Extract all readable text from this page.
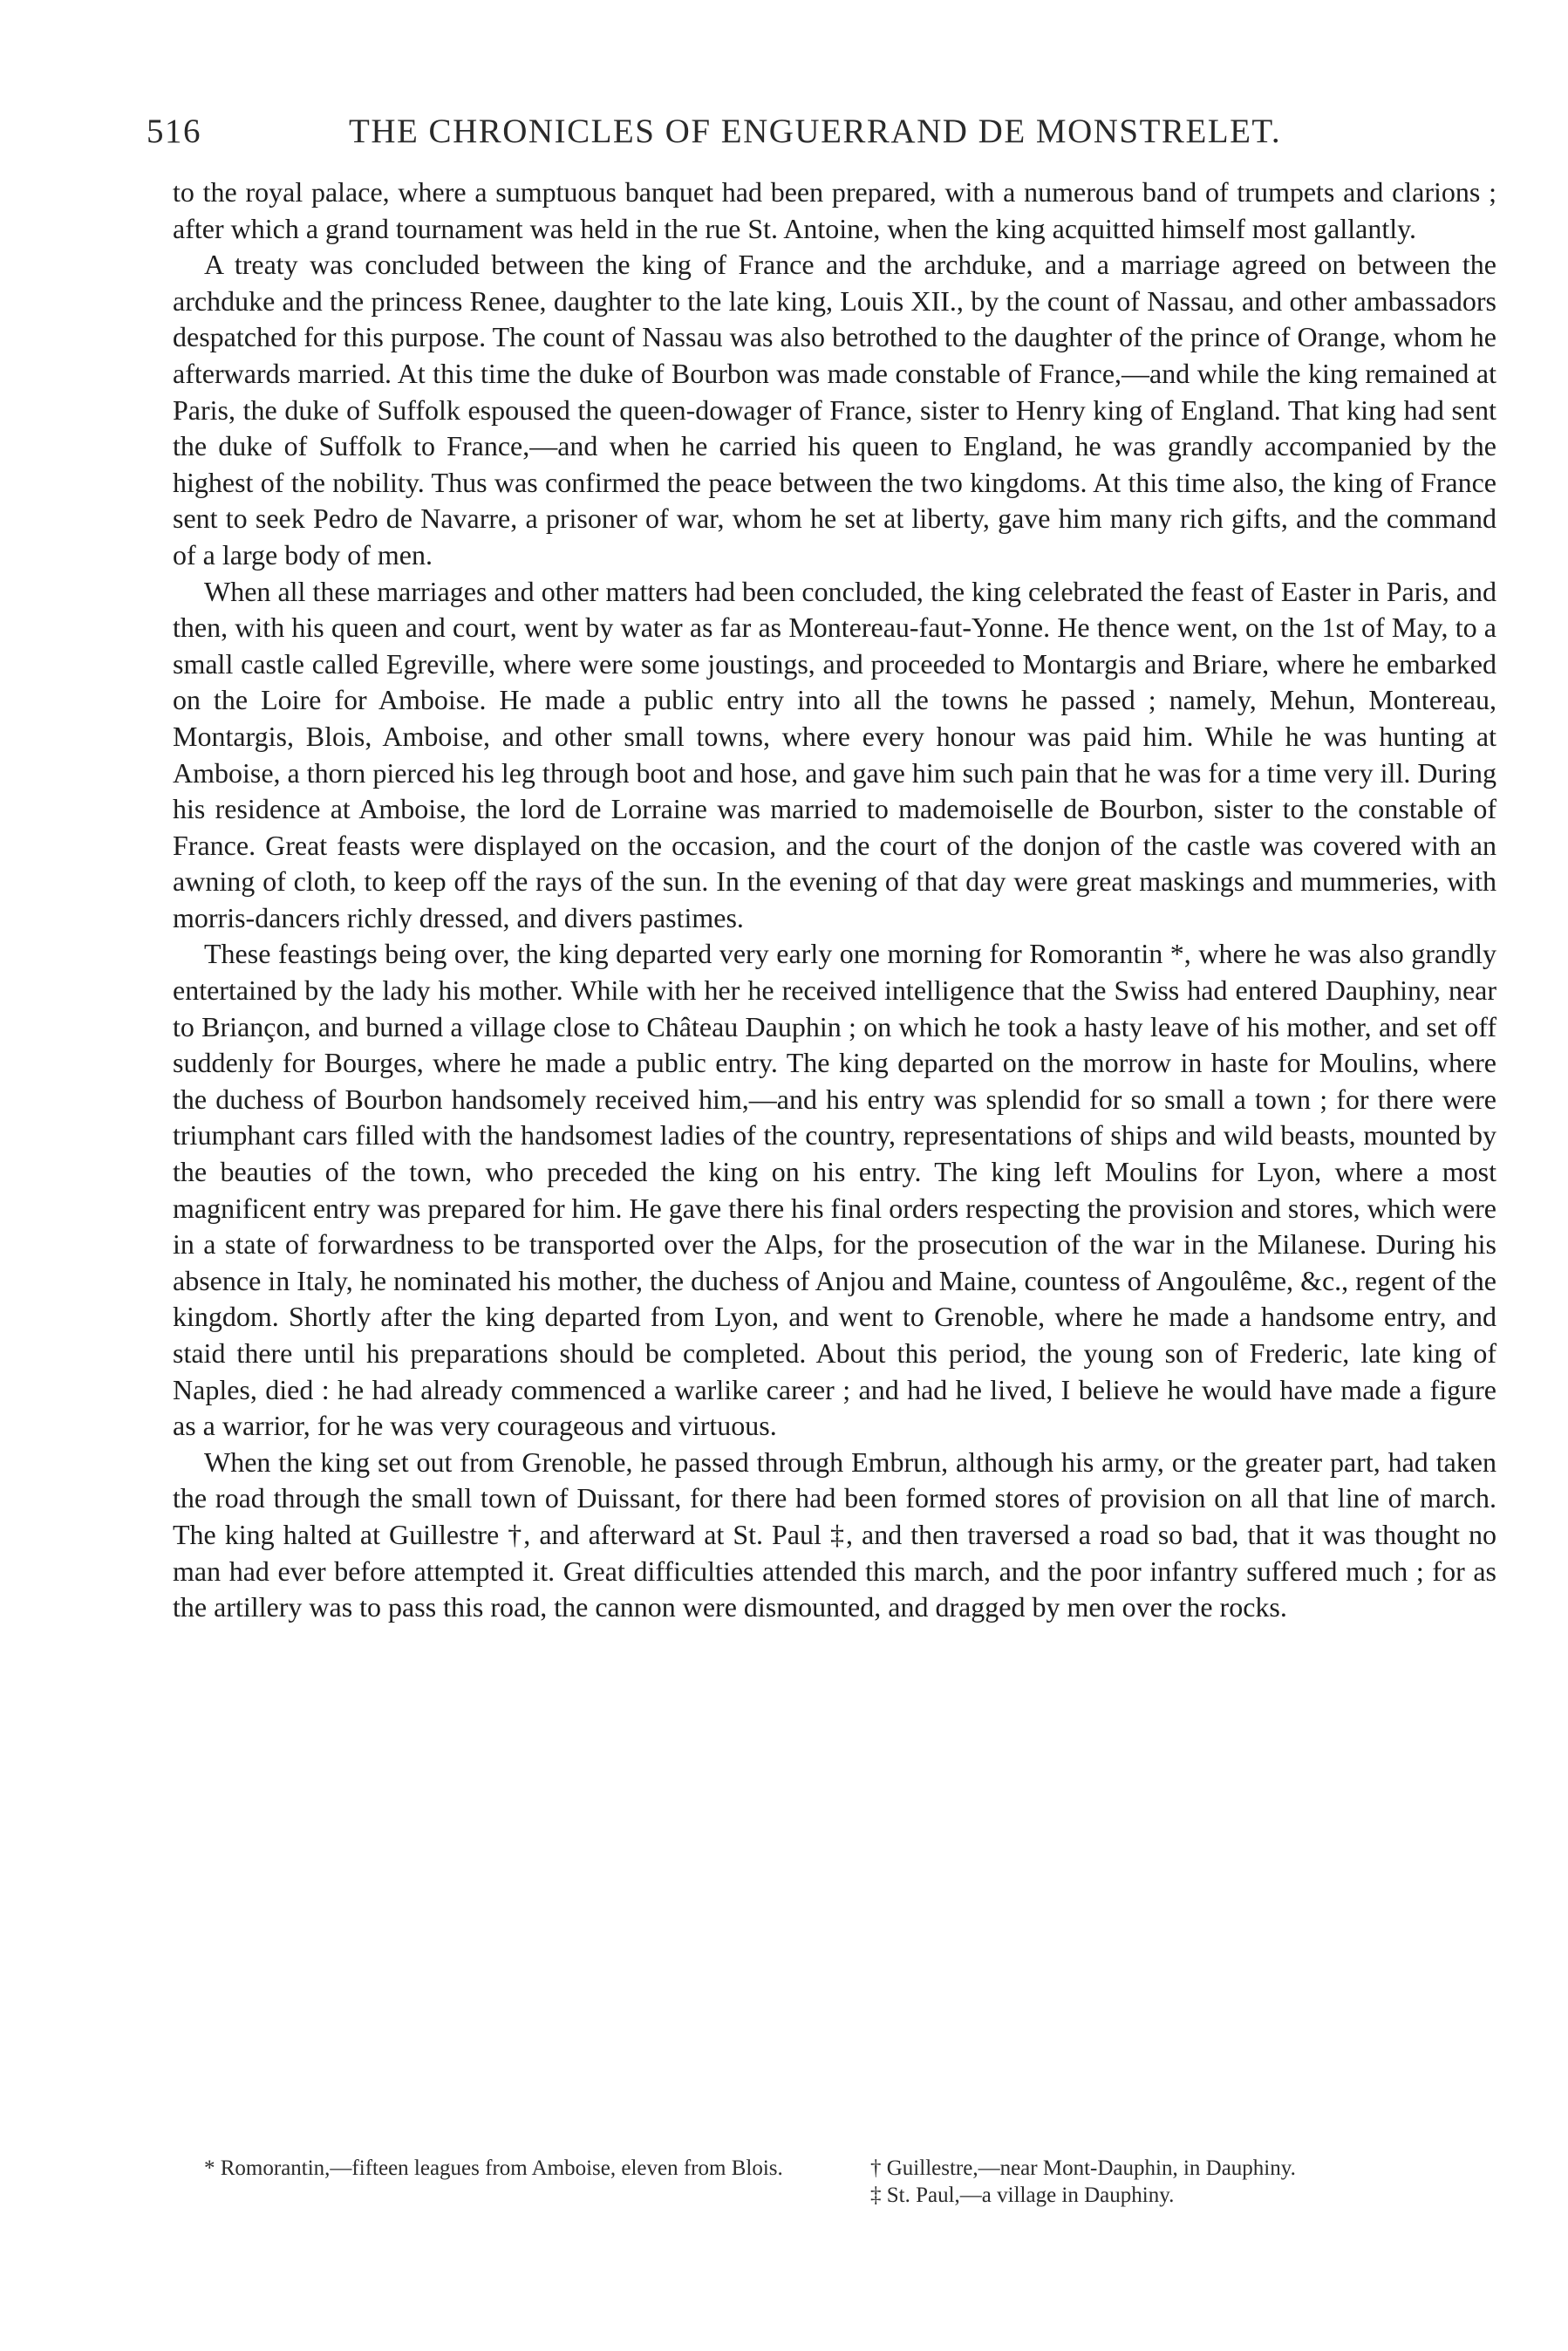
516	THE CHRONICLES OF ENGUERRAND DE MONSTRELET.

to the royal palace, where a sumptuous banquet had been prepared, with a numerous band of trumpets and clarions ; after which a grand tournament was held in the rue St. Antoine, when the king acquitted himself most gallantly.

A treaty was concluded between the king of France and the archduke, and a marriage agreed on between the archduke and the princess Renee, daughter to the late king, Louis XII., by the count of Nassau, and other ambassadors despatched for this purpose. The count of Nassau was also betrothed to the daughter of the prince of Orange, whom he afterwards married. At this time the duke of Bourbon was made constable of France,—and while the king remained at Paris, the duke of Suffolk espoused the queen-dowager of France, sister to Henry king of England. That king had sent the duke of Suffolk to France,—and when he carried his queen to England, he was grandly accompanied by the highest of the nobility. Thus was confirmed the peace between the two kingdoms. At this time also, the king of France sent to seek Pedro de Navarre, a prisoner of war, whom he set at liberty, gave him many rich gifts, and the command of a large body of men.

When all these marriages and other matters had been concluded, the king celebrated the feast of Easter in Paris, and then, with his queen and court, went by water as far as Montereau-faut-Yonne. He thence went, on the 1st of May, to a small castle called Egreville, where were some joustings, and proceeded to Montargis and Briare, where he embarked on the Loire for Amboise. He made a public entry into all the towns he passed ; namely, Mehun, Montereau, Montargis, Blois, Amboise, and other small towns, where every honour was paid him. While he was hunting at Amboise, a thorn pierced his leg through boot and hose, and gave him such pain that he was for a time very ill. During his residence at Amboise, the lord de Lorraine was married to mademoiselle de Bourbon, sister to the constable of France. Great feasts were displayed on the occasion, and the court of the donjon of the castle was covered with an awning of cloth, to keep off the rays of the sun. In the evening of that day were great maskings and mummeries, with morris-dancers richly dressed, and divers pastimes.

These feastings being over, the king departed very early one morning for Romorantin *, where he was also grandly entertained by the lady his mother. While with her he received intelligence that the Swiss had entered Dauphiny, near to Briançon, and burned a village close to Château Dauphin ; on which he took a hasty leave of his mother, and set off suddenly for Bourges, where he made a public entry. The king departed on the morrow in haste for Moulins, where the duchess of Bourbon handsomely received him,—and his entry was splendid for so small a town ; for there were triumphant cars filled with the handsomest ladies of the country, representations of ships and wild beasts, mounted by the beauties of the town, who preceded the king on his entry. The king left Moulins for Lyon, where a most magnificent entry was prepared for him. He gave there his final orders respecting the provision and stores, which were in a state of forwardness to be transported over the Alps, for the prosecution of the war in the Milanese. During his absence in Italy, he nominated his mother, the duchess of Anjou and Maine, countess of Angoulême, &c., regent of the kingdom. Shortly after the king departed from Lyon, and went to Grenoble, where he made a handsome entry, and staid there until his preparations should be completed. About this period, the young son of Frederic, late king of Naples, died : he had already commenced a warlike career ; and had he lived, I believe he would have made a figure as a warrior, for he was very courageous and virtuous.

When the king set out from Grenoble, he passed through Embrun, although his army, or the greater part, had taken the road through the small town of Duissant, for there had been formed stores of provision on all that line of march. The king halted at Guillestre †, and afterward at St. Paul ‡, and then traversed a road so bad, that it was thought no man had ever before attempted it. Great difficulties attended this march, and the poor infantry suffered much ; for as the artillery was to pass this road, the cannon were dismounted, and dragged by men over the rocks.

* Romorantin,—fifteen leagues from Amboise, eleven from Blois.	† Guillestre,—near Mont-Dauphin, in Dauphiny.
‡ St. Paul,—a village in Dauphiny.
